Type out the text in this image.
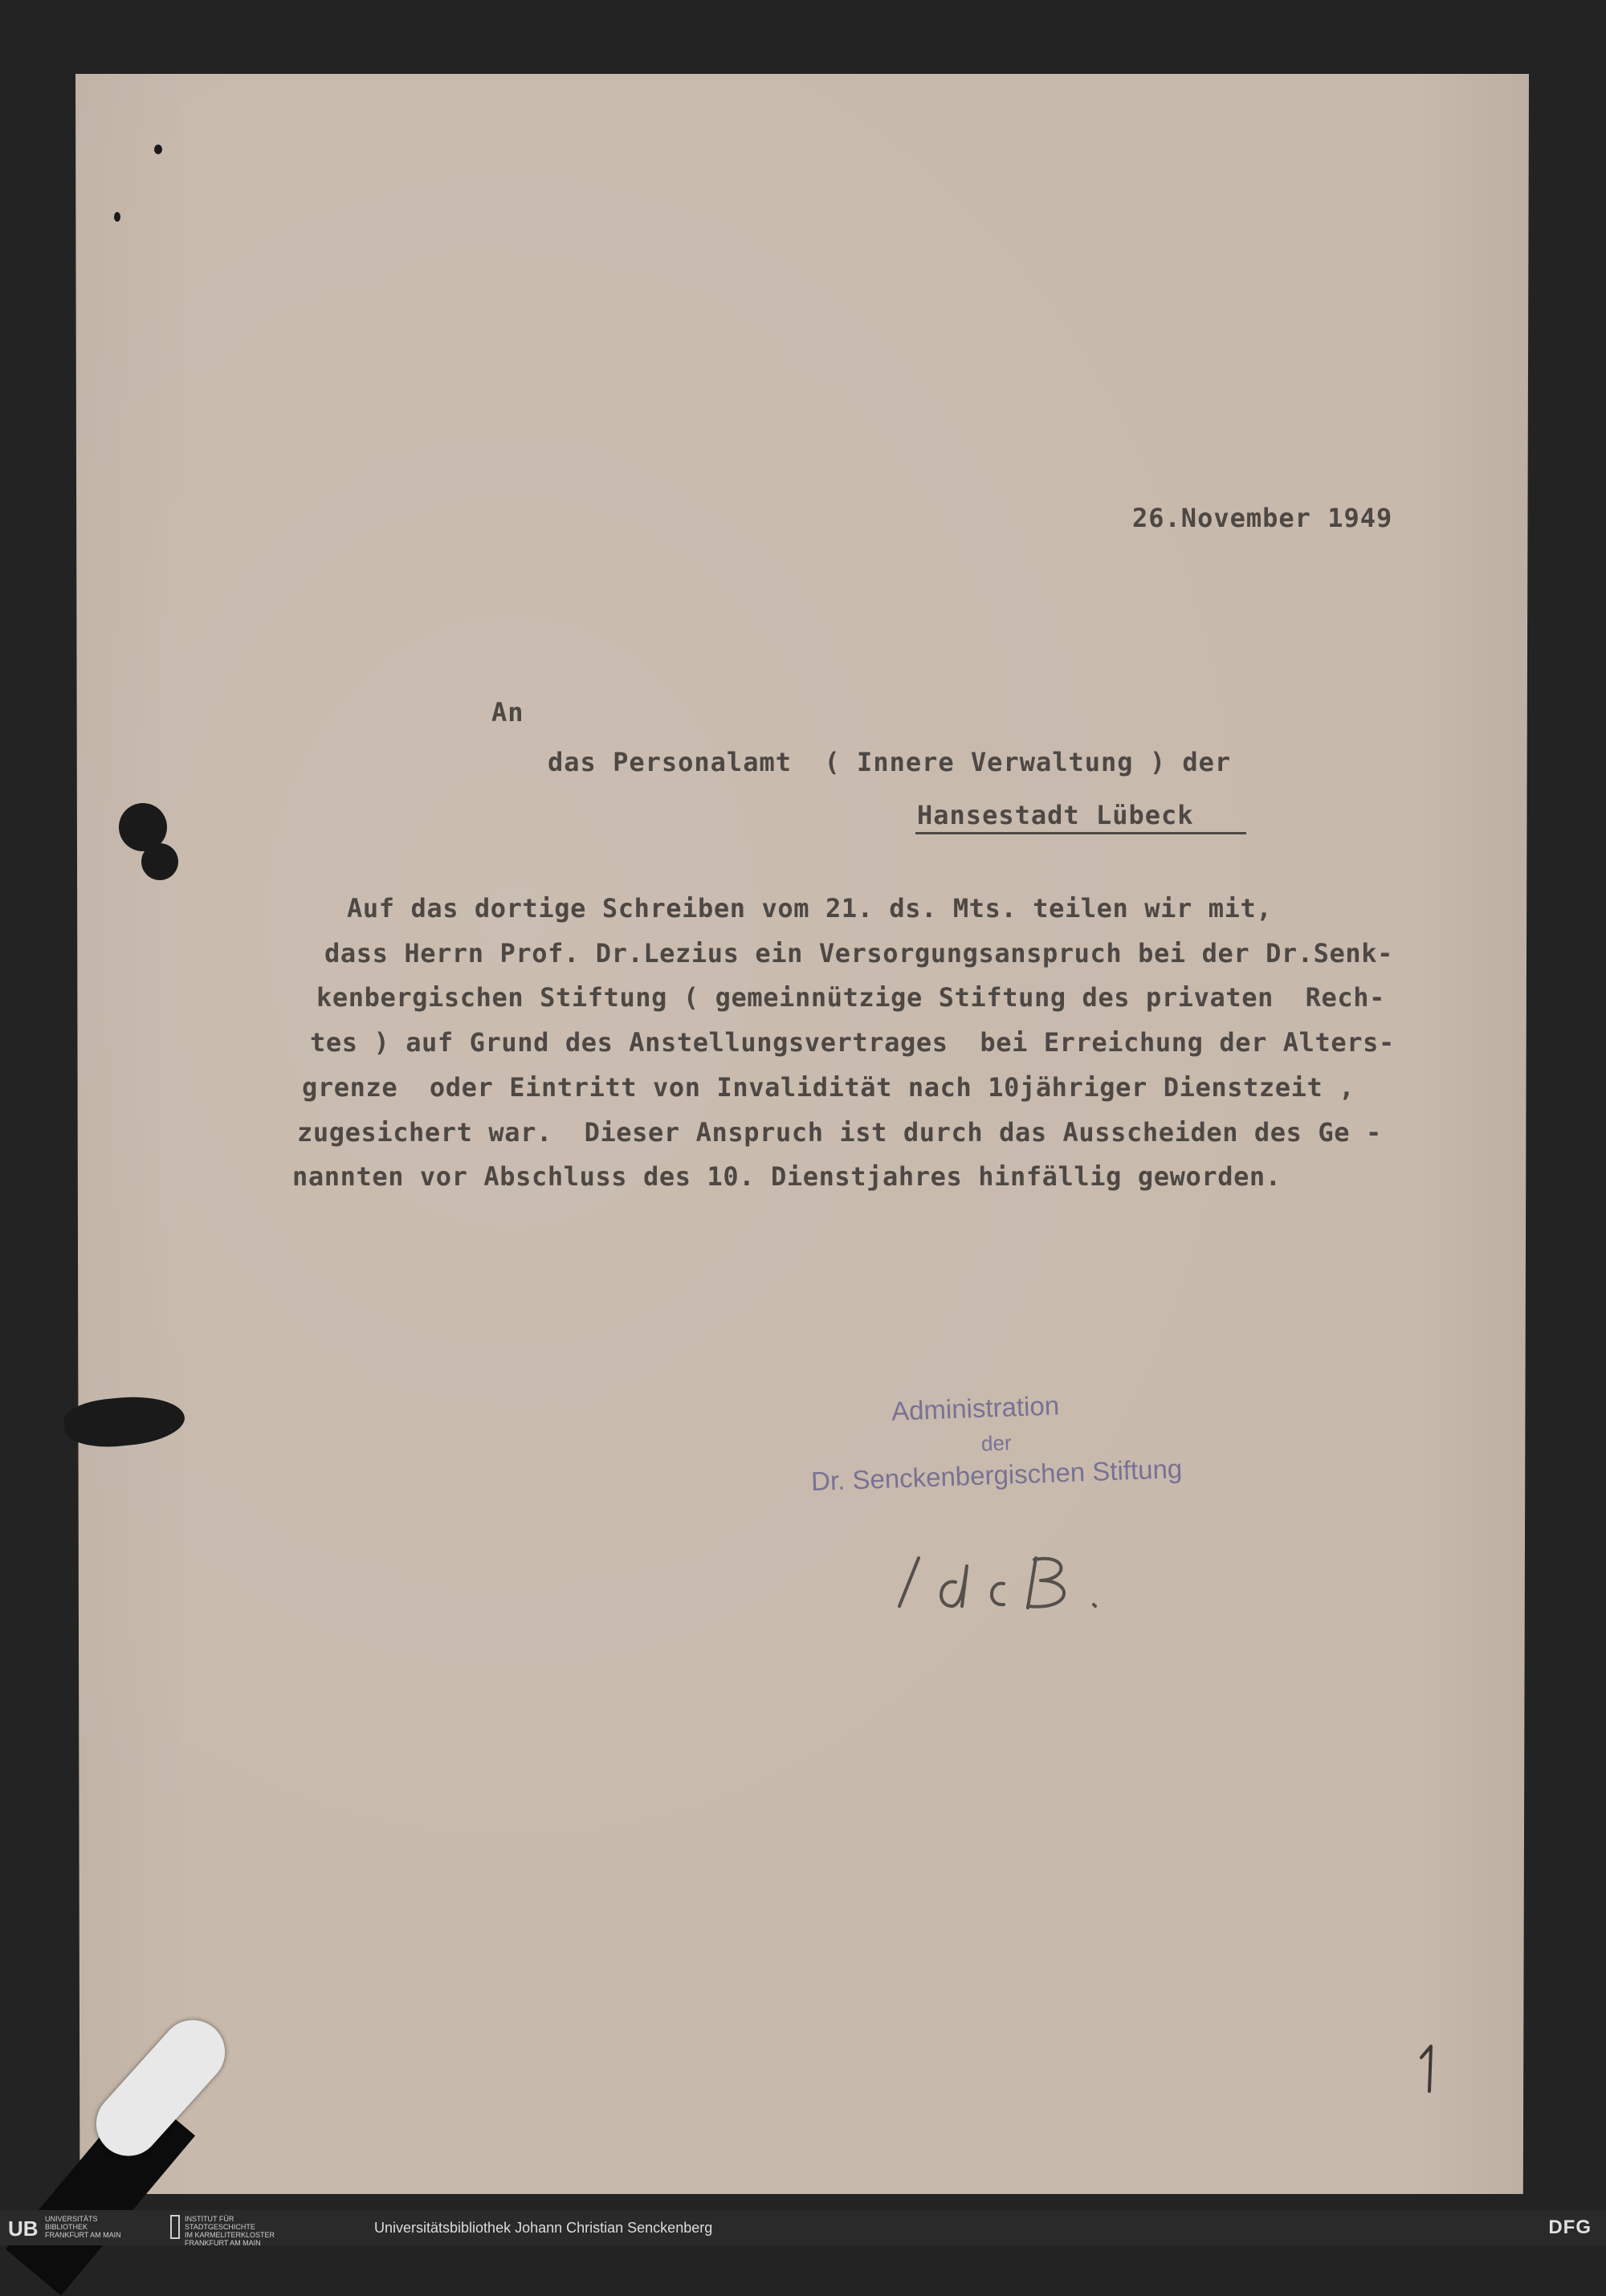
26.November 1949
An
das Personalamt  ( Innere Verwaltung ) der
Hansestadt Lübeck
Auf das dortige Schreiben vom 21. ds. Mts. teilen wir mit,
dass Herrn Prof. Dr.Lezius ein Versorgungsanspruch bei der Dr.Senk-
kenbergischen Stiftung ( gemeinnützige Stiftung des privaten  Rech-
tes ) auf Grund des Anstellungsvertrages  bei Erreichung der Alters-
grenze  oder Eintritt von Invalidität nach 10jähriger Dienstzeit ,
zugesichert war.  Dieser Anspruch ist durch das Ausscheiden des Ge -
nannten vor Abschluss des 10. Dienstjahres hinfällig geworden.
Administration
der
Dr. Senckenbergischen Stiftung
UB UNIVERSITÄTS
BIBLIOTHEK
FRANKFURT AM MAIN
INSTITUT FÜR
STADTGESCHICHTE
IM KARMELITERKLOSTER
FRANKFURT AM MAIN
Universitätsbibliothek Johann Christian Senckenberg	DFG
